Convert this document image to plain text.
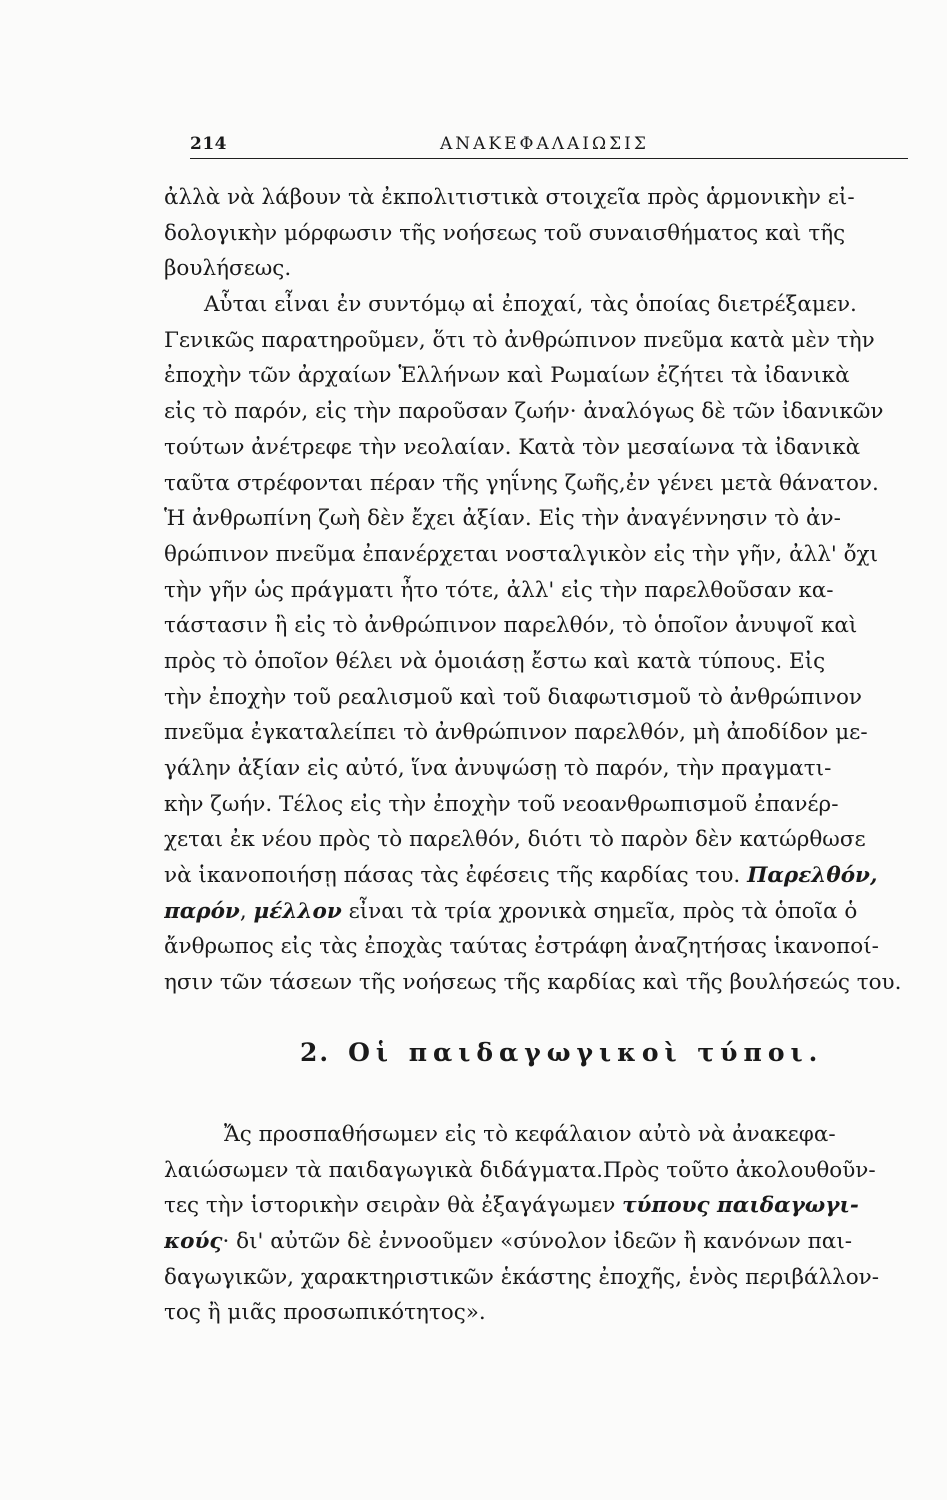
214	ΑΝΑΚΕΦΑΛΑΙΩΣΙΣ
ἀλλὰ νὰ λάβουν τὰ ἐκπολιτιστικὰ στοιχεῖα πρὸς ἁρμονικὴν εἰ-
δολογικὴν μόρφωσιν τῆς νοήσεως τοῦ συναισθήματος καὶ τῆς
βουλήσεως.
Αὗται εἶναι ἐν συντόμῳ αἱ ἐποχαί, τὰς ὁποίας διετρέξαμεν.
Γενικῶς παρατηροῦμεν, ὅτι τὸ ἀνθρώπινον πνεῦμα κατὰ μὲν τὴν
ἐποχὴν τῶν ἀρχαίων Ἑλλήνων καὶ Ρωμαίων ἐζήτει τὰ ἰδανικὰ
εἰς τὸ παρόν, εἰς τὴν παροῦσαν ζωήν· ἀναλόγως δὲ τῶν ἰδανικῶν
τούτων ἀνέτρεφε τὴν νεολαίαν. Κατὰ τὸν μεσαίωνα τὰ ἰδανικὰ
ταῦτα στρέφονται πέραν τῆς γηΐνης ζωῆς,ἐν γένει μετὰ θάνατον.
Ἡ ἀνθρωπίνη ζωὴ δὲν ἔχει ἀξίαν. Εἰς τὴν ἀναγέννησιν τὸ ἀν-
θρώπινον πνεῦμα ἐπανέρχεται νοσταλγικὸν εἰς τὴν γῆν, ἀλλ' ὄχι
τὴν γῆν ὡς πράγματι ἦτο τότε, ἀλλ' εἰς τὴν παρελθοῦσαν κα-
τάστασιν ἢ εἰς τὸ ἀνθρώπινον παρελθόν, τὸ ὁποῖον ἀνυψοῖ καὶ
πρὸς τὸ ὁποῖον θέλει νὰ ὁμοιάσῃ ἔστω καὶ κατὰ τύπους. Εἰς
τὴν ἐποχὴν τοῦ ρεαλισμοῦ καὶ τοῦ διαφωτισμοῦ τὸ ἀνθρώπινον
πνεῦμα ἐγκαταλείπει τὸ ἀνθρώπινον παρελθόν, μὴ ἀποδίδον με-
γάλην ἀξίαν εἰς αὐτό, ἵνα ἀνυψώσῃ τὸ παρόν, τὴν πραγματι-
κὴν ζωήν. Τέλος εἰς τὴν ἐποχὴν τοῦ νεοανθρωπισμοῦ ἐπανέρ-
χεται ἐκ νέου πρὸς τὸ παρελθόν, διότι τὸ παρὸν δὲν κατώρθωσε
νὰ ἱκανοποιήσῃ πάσας τὰς ἐφέσεις τῆς καρδίας του. Παρελθόν,
παρόν, μέλλον εἶναι τὰ τρία χρονικὰ σημεῖα, πρὸς τὰ ὁποῖα ὁ
ἄνθρωπος εἰς τὰς ἐποχὰς ταύτας ἐστράφη ἀναζητήσας ἱκανοποί-
ησιν τῶν τάσεων τῆς νοήσεως τῆς καρδίας καὶ τῆς βουλήσεώς του.
2. Οἱ παιδαγωγικοὶ τύποι.
Ἄς προσπαθήσωμεν εἰς τὸ κεφάλαιον αὐτὸ νὰ ἀνακεφα-
λαιώσωμεν τὰ παιδαγωγικὰ διδάγματα.Πρὸς τοῦτο ἀκολουθοῦν-
τες τὴν ἱστορικὴν σειρὰν θὰ ἐξαγάγωμεν τύπους παιδαγωγι-
κούς· δι' αὐτῶν δὲ ἐννοοῦμεν «σύνολον ἰδεῶν ἢ κανόνων παι-
δαγωγικῶν, χαρακτηριστικῶν ἑκάστης ἐποχῆς, ἑνὸς περιβάλλον-
τος ἢ μιᾶς προσωπικότητος».
